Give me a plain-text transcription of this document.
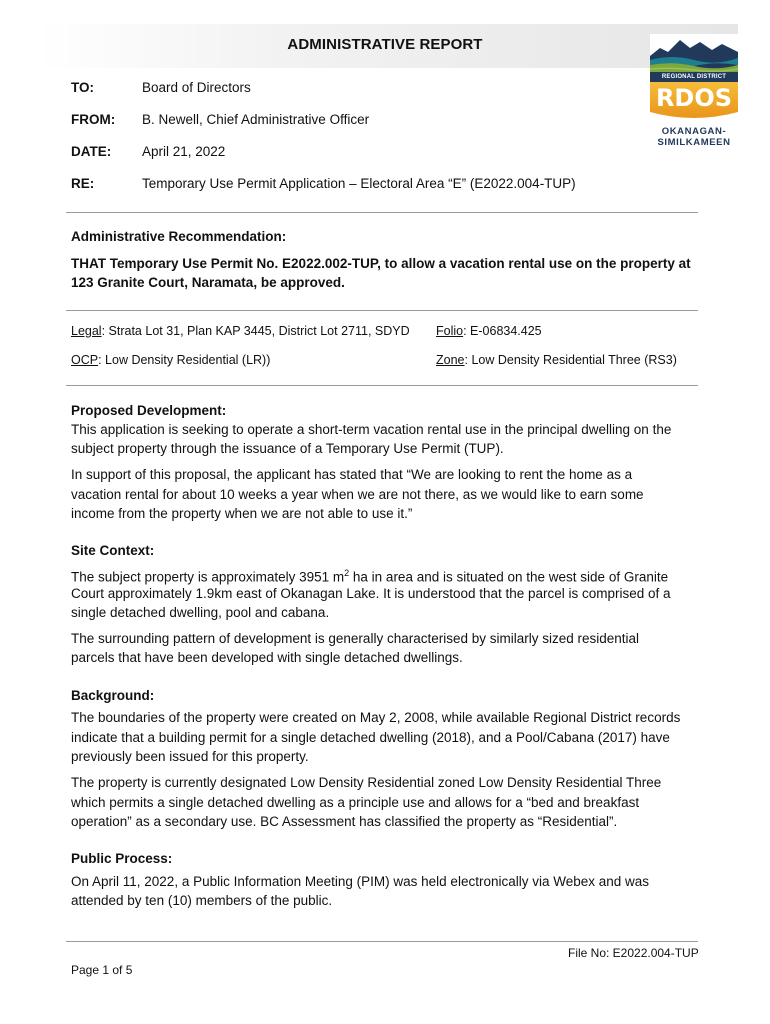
ADMINISTRATIVE REPORT
REGIONAL DISTRICT
RDOS
OKANAGAN-
SIMILKAMEEN
TO:	Board of Directors
FROM: B. Newell, Chief Administrative Officer
DATE: April 21, 2022
RE:	Temporary Use Permit Application – Electoral Area “E” (E2022.004-TUP)
Administrative Recommendation:
THAT Temporary Use Permit No. E2022.002-TUP, to allow a vacation rental use on the property at
123 Granite Court, Naramata, be approved.
Legal: Strata Lot 31, Plan KAP 3445, District Lot 2711, SDYD Folio: E-06834.425
OCP: Low Density Residential (LR))	Zone: Low Density Residential Three (RS3)
Proposed Development:
This application is seeking to operate a short-term vacation rental use in the principal dwelling on the
subject property through the issuance of a Temporary Use Permit (TUP).
In support of this proposal, the applicant has stated that “We are looking to rent the home as a
vacation rental for about 10 weeks a year when we are not there, as we would like to earn some
income from the property when we are not able to use it.”
Site Context:
The subject property is approximately 3951 $m^2$ ha in area and is situated on the west side of Granite
Court approximately 1.9km east of Okanagan Lake. It is understood that the parcel is comprised of a
single detached dwelling, pool and cabana.
The surrounding pattern of development is generally characterised by similarly sized residential
parcels that have been developed with single detached dwellings.
Background:
The boundaries of the property were created on May 2, 2008, while available Regional District records
indicate that a building permit for a single detached dwelling (2018), and a Pool/Cabana (2017) have
previously been issued for this property.
The property is currently designated Low Density Residential zoned Low Density Residential Three
which permits a single detached dwelling as a principle use and allows for a “bed and breakfast
operation” as a secondary use. BC Assessment has classified the property as “Residential”.
Public Process:
On April 11, 2022, a Public Information Meeting (PIM) was held electronically via Webex and was
attended by ten (10) members of the public.
File No: E2022.004-TUP
Page 1 of 5
